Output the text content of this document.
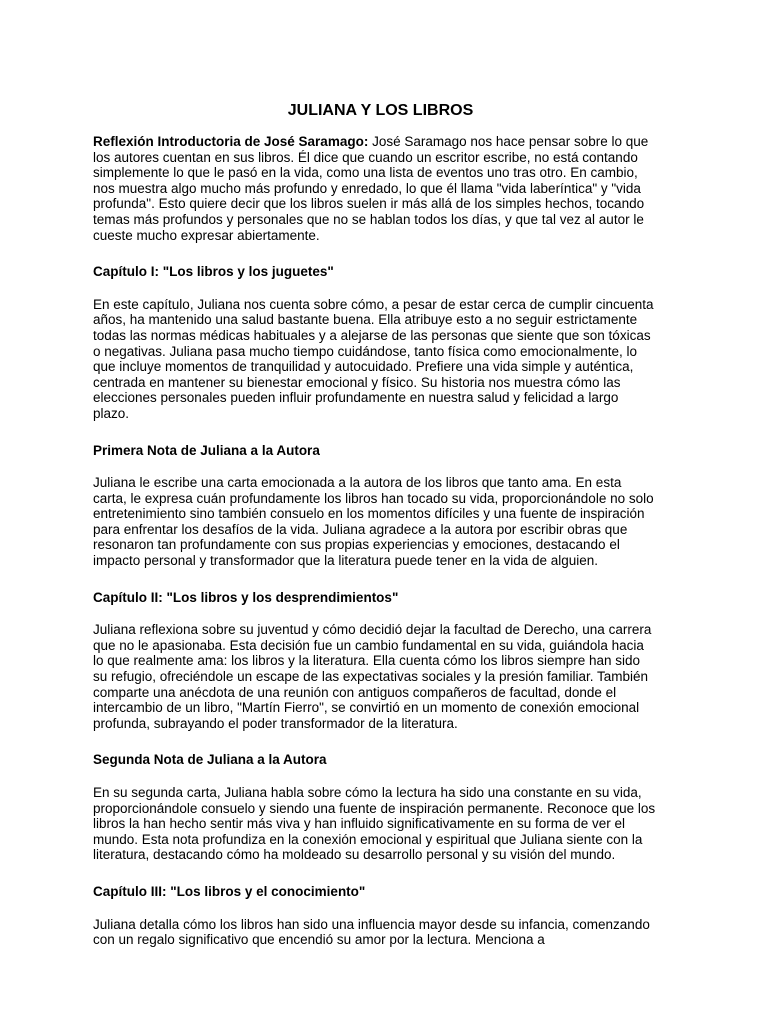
JULIANA Y LOS LIBROS

Reflexión Introductoria de José Saramago: José Saramago nos hace pensar sobre lo que los autores cuentan en sus libros. Él dice que cuando un escritor escribe, no está contando simplemente lo que le pasó en la vida, como una lista de eventos uno tras otro. En cambio, nos muestra algo mucho más profundo y enredado, lo que él llama "vida laberíntica" y "vida profunda". Esto quiere decir que los libros suelen ir más allá de los simples hechos, tocando temas más profundos y personales que no se hablan todos los días, y que tal vez al autor le cueste mucho expresar abiertamente.

Capítulo I: "Los libros y los juguetes"

En este capítulo, Juliana nos cuenta sobre cómo, a pesar de estar cerca de cumplir cincuenta años, ha mantenido una salud bastante buena. Ella atribuye esto a no seguir estrictamente todas las normas médicas habituales y a alejarse de las personas que siente que son tóxicas o negativas. Juliana pasa mucho tiempo cuidándose, tanto física como emocionalmente, lo que incluye momentos de tranquilidad y autocuidado. Prefiere una vida simple y auténtica, centrada en mantener su bienestar emocional y físico. Su historia nos muestra cómo las elecciones personales pueden influir profundamente en nuestra salud y felicidad a largo plazo.

Primera Nota de Juliana a la Autora

Juliana le escribe una carta emocionada a la autora de los libros que tanto ama. En esta carta, le expresa cuán profundamente los libros han tocado su vida, proporcionándole no solo entretenimiento sino también consuelo en los momentos difíciles y una fuente de inspiración para enfrentar los desafíos de la vida. Juliana agradece a la autora por escribir obras que resonaron tan profundamente con sus propias experiencias y emociones, destacando el impacto personal y transformador que la literatura puede tener en la vida de alguien.

Capítulo II: "Los libros y los desprendimientos"

Juliana reflexiona sobre su juventud y cómo decidió dejar la facultad de Derecho, una carrera que no le apasionaba. Esta decisión fue un cambio fundamental en su vida, guiándola hacia lo que realmente ama: los libros y la literatura. Ella cuenta cómo los libros siempre han sido su refugio, ofreciéndole un escape de las expectativas sociales y la presión familiar. También comparte una anécdota de una reunión con antiguos compañeros de facultad, donde el intercambio de un libro, "Martín Fierro", se convirtió en un momento de conexión emocional profunda, subrayando el poder transformador de la literatura.

Segunda Nota de Juliana a la Autora

En su segunda carta, Juliana habla sobre cómo la lectura ha sido una constante en su vida, proporcionándole consuelo y siendo una fuente de inspiración permanente. Reconoce que los libros la han hecho sentir más viva y han influido significativamente en su forma de ver el mundo. Esta nota profundiza en la conexión emocional y espiritual que Juliana siente con la literatura, destacando cómo ha moldeado su desarrollo personal y su visión del mundo.

Capítulo III: "Los libros y el conocimiento"

Juliana detalla cómo los libros han sido una influencia mayor desde su infancia, comenzando con un regalo significativo que encendió su amor por la lectura. Menciona a
